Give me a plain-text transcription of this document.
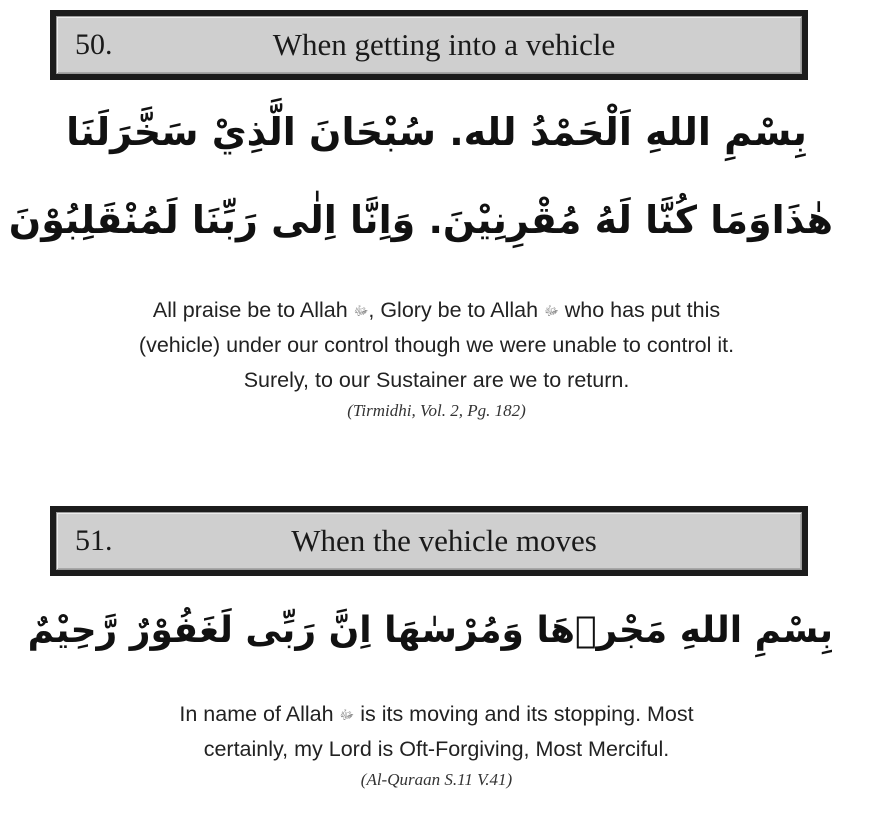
50.	When getting into a vehicle
بِسْمِ اللهِ اَلْحَمْدُ لله. سُبْحَانَ الَّذِيْ سَخَّرَلَنَا
هٰذَاوَمَا كُنَّا لَهُ مُقْرِنِيْنَ. وَاِنَّا اِلٰى رَبِّنَا لَمُنْقَلِبُوْنَ
All praise be to Allah ﷻ, Glory be to Allah ﷻ who has put this
(vehicle) under our control though we were unable to control it.
Surely, to our Sustainer are we to return.
(Tirmidhi, Vol. 2, Pg. 182)
51.	When the vehicle moves
بِسْمِ اللهِ مَجْرٖهَا وَمُرْسٰهَا اِنَّ رَبِّى لَغَفُوْرٌ رَّحِيْمٌ
In name of Allah ﷻ is its moving and its stopping. Most
certainly, my Lord is Oft-Forgiving, Most Merciful.
(Al-Quraan S.11 V.41)
